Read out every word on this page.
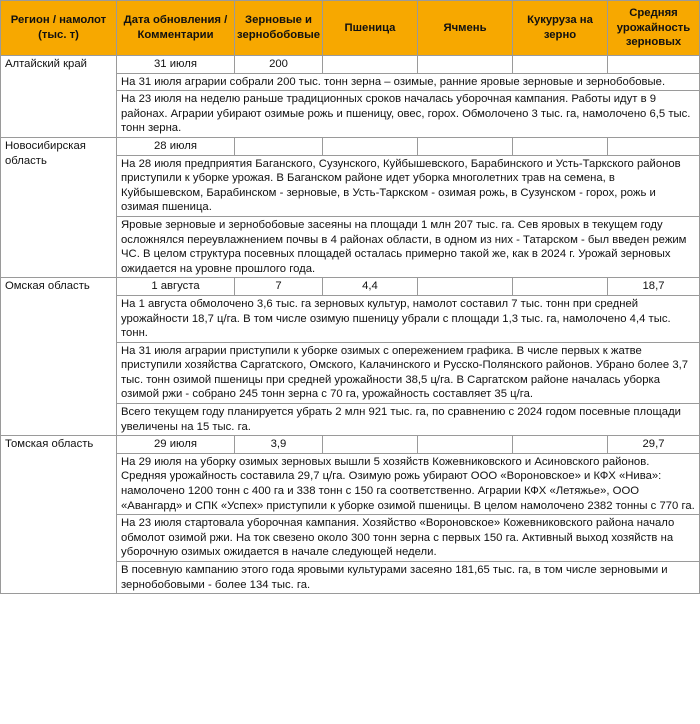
Регион / намолот (тыс. т)	Дата обновления /Комментарии	Зерновые и зернобобовые	Пшеница	Ячмень	Кукуруза на зерно	Средняя урожайность зерновых
Алтайский край	31 июля	200				
	На 31 июля аграрии собрали 200 тыс. тонн зерна – озимые, ранние яровые зерновые и зернобобовые.					
	На 23 июля на неделю раньше традиционных сроков началась уборочная кампания. Работы идут в 9 районах. Аграрии убирают озимые рожь и пшеницу, овес, горох. Обмолочено 3 тыс. га, намолочено 6,5 тыс. тонн зерна.					
Новосибирская область	28 июля					
	На 28 июля предприятия Баганского, Сузунского, Куйбышевского, Барабинского и Усть-Таркского районов приступили к уборке урожая. В Баганском районе идет уборка многолетних трав на семена, в Куйбышевском, Барабинском - зерновые, в Усть-Таркском - озимая рожь, в Сузунском - горох, рожь и озимая пшеница.					
	Яровые зерновые и зернобобовые засеяны на площади 1 млн 207 тыс. га. Сев яровых в текущем году осложнялся переувлажнением почвы в 4 районах области, в одном из них - Татарском - был введен режим ЧС. В целом структура посевных площадей осталась примерно такой же, как в 2024 г. Урожай зерновых ожидается на уровне прошлого года.					
Омская область	1 августа	7	4,4			18,7
	На 1 августа обмолочено 3,6 тыс. га зерновых культур, намолот составил 7 тыс. тонн при средней урожайности 18,7 ц/га. В том числе озимую пшеницу убрали с площади 1,3 тыс. га, намолочено 4,4 тыс. тонн.					
	На 31 июля аграрии приступили к уборке озимых с опережением графика. В числе первых к жатве приступили хозяйства Саргатского, Омского, Калачинского и Русско-Полянского районов. Убрано более 3,7 тыс. тонн озимой пшеницы при средней урожайности 38,5 ц/га. В Саргатском районе началась уборка озимой ржи - собрано 245 тонн зерна с 70 га, урожайность составляет 35 ц/га.					
	Всего текущем году планируется убрать 2 млн 921 тыс. га, по сравнению с 2024 годом посевные площади увеличены на 15 тыс. га.					
Томская область	29 июля	3,9				29,7
	На 29 июля на уборку озимых зерновых вышли 5 хозяйств Кожевниковского и Асиновского районов. Средняя урожайность составила 29,7 ц/га. Озимую рожь убирают ООО «Вороновское» и КФХ «Нива»: намолочено 1200 тонн с 400 га и 338 тонн с 150 га соответственно. Аграрии КФХ «Летяжье», ООО «Авангард» и СПК «Успех» приступили к уборке озимой пшеницы. В целом намолочено 2382 тонны с 770 га.					
	На 23 июля стартовала уборочная кампания. Хозяйство «Вороновское» Кожевниковского района начало обмолот озимой ржи. На ток свезено около 300 тонн зерна с первых 150 га. Активный выход хозяйств на уборочную озимых ожидается в начале следующей недели.					
	В посевную кампанию этого года яровыми культурами засеяно 181,65 тыс. га, в том числе зерновыми и зернобобовыми - более 134 тыс. га.					
